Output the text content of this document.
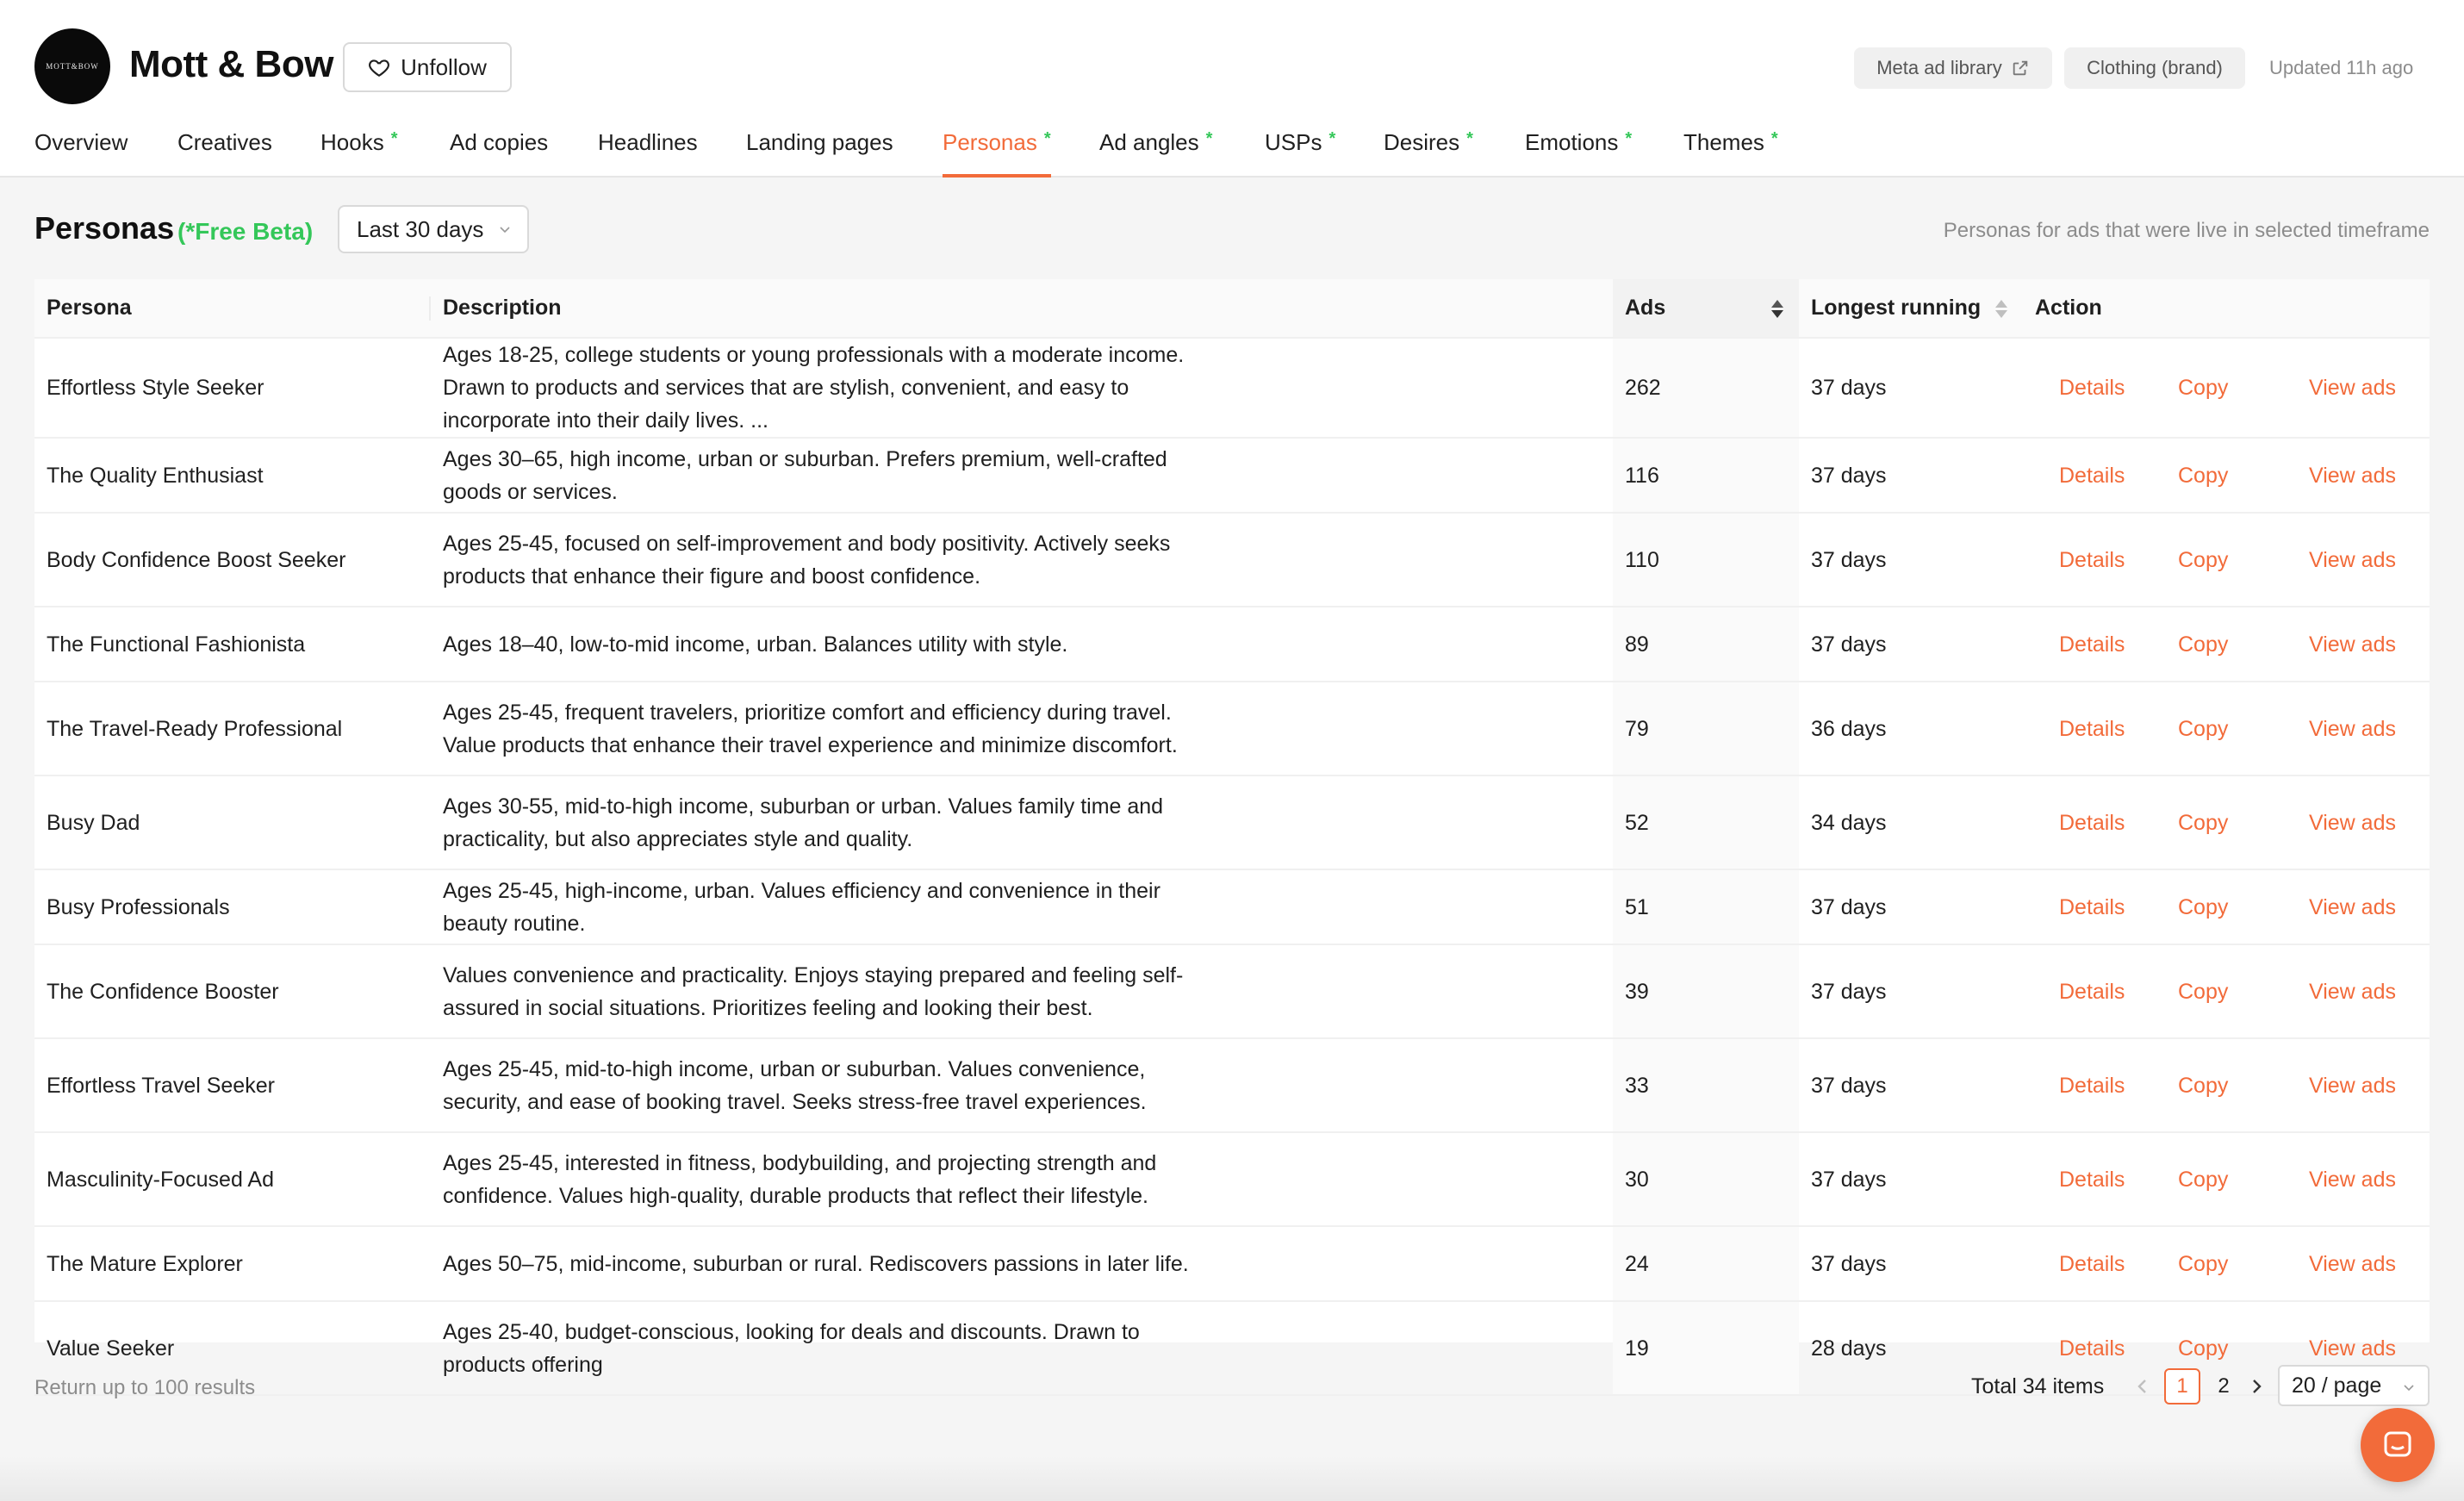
MOTT&BOW Mott & Bow	Unfollow	Meta ad library	Clothing (brand)	Updated 11h ago
Overview Creatives Hooks * Ad copies Headlines Landing pages Personas * Ad angles * USPs * Desires * Emotions * Themes *
Personas (*Free Beta) Last 30 days	Personas for ads that were live in selected timeframe
Persona	Description	Ads	Longest running	Action
Effortless Style Seeker	Ages 18-25, college students or young professionals with a moderate income. Drawn to products and services that are stylish, convenient, and easy to incorporate into their daily lives. ...	262	37 days	Details Copy View ads

The Quality Enthusiast	Ages 30–65, high income, urban or suburban. Prefers premium, well-crafted goods or services.	116	37 days	Details Copy View ads

Body Confidence Boost Seeker	Ages 25-45, focused on self-improvement and body positivity. Actively seeks products that enhance their figure and boost confidence.	110	37 days	Details Copy View ads

The Functional Fashionista	Ages 18–40, low-to-mid income, urban. Balances utility with style.	89	37 days	Details Copy View ads

The Travel-Ready Professional	Ages 25-45, frequent travelers, prioritize comfort and efficiency during travel. Value products that enhance their travel experience and minimize discomfort.	79	36 days	Details Copy View ads

Busy Dad	Ages 30-55, mid-to-high income, suburban or urban. Values family time and practicality, but also appreciates style and quality.	52	34 days	Details Copy View ads

Busy Professionals	Ages 25-45, high-income, urban. Values efficiency and convenience in their beauty routine.	51	37 days	Details Copy View ads

The Confidence Booster	Values convenience and practicality. Enjoys staying prepared and feeling self-assured in social situations. Prioritizes feeling and looking their best.	39	37 days	Details Copy View ads

Effortless Travel Seeker	Ages 25-45, mid-to-high income, urban or suburban. Values convenience, security, and ease of booking travel. Seeks stress-free travel experiences.	33	37 days	Details Copy View ads

Masculinity-Focused Ad	Ages 25-45, interested in fitness, bodybuilding, and projecting strength and confidence. Values high-quality, durable products that reflect their lifestyle.	30	37 days	Details Copy View ads

The Mature Explorer	Ages 50–75, mid-income, suburban or rural. Rediscovers passions in later life.	24	37 days	Details Copy View ads

Value Seeker	Ages 25-40, budget-conscious, looking for deals and discounts. Drawn to products offering	19	28 days	Details Copy View ads
Return up to 100 results	Total 34 items	1	2	20 / page
